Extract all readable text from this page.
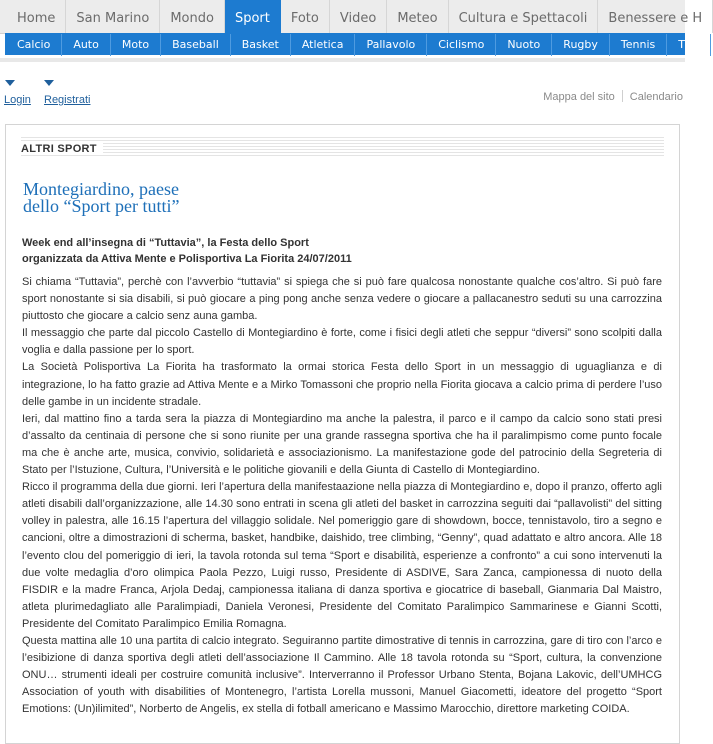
Home San Marino Mondo Sport Foto Video Meteo Cultura e Spettacoli Benessere e H
Calcio Auto Moto Baseball Basket Atletica Pallavolo Ciclismo Nuoto Rugby Tennis Tiro
Login Registrati	Mappa del sito Calendario
ALTRI SPORT
Montegiardino, paese
dello “Sport per tutti”

Week end all’insegna di “Tuttavia”, la Festa dello Sport
organizzata da Attiva Mente e Polisportiva La Fiorita 24/07/2011

Si chiama “Tuttavia”, perchè con l’avverbio “tuttavia” si spiega che si può fare qualcosa nonostante qualche cos’altro. Si può fare sport nonostante si sia disabili, si può giocare a ping pong anche senza vedere o giocare a pallacanestro seduti su una carrozzina piuttosto che giocare a calcio senz auna gamba.

Il messaggio che parte dal piccolo Castello di Montegiardino è forte, come i fisici degli atleti che seppur “diversi” sono scolpiti dalla voglia e dalla passione per lo sport.

La Società Polisportiva La Fiorita ha trasformato la ormai storica Festa dello Sport in un messaggio di uguaglianza e di integrazione, lo ha fatto grazie ad Attiva Mente e a Mirko Tomassoni che proprio nella Fiorita giocava a calcio prima di perdere l’uso delle gambe in un incidente stradale.

Ieri, dal mattino fino a tarda sera la piazza di Montegiardino ma anche la palestra, il parco e il campo da calcio sono stati presi d’assalto da centinaia di persone che si sono riunite per una grande rassegna sportiva che ha il paralimpismo come punto focale ma che è anche arte, musica, convivio, solidarietà e associazionismo. La manifestazione gode del patrocinio della Segreteria di Stato per l’Istuzione, Cultura, l’Università e le politiche giovanili e della Giunta di Castello di Montegiardino.

Ricco il programma della due giorni. Ieri l’apertura della manifestaazione nella piazza di Montegiardino e, dopo il pranzo, offerto agli atleti disabili dall’organizzazione, alle 14.30 sono entrati in scena gli atleti del basket in carrozzina seguiti dai “pallavolisti” del sitting volley in palestra, alle 16.15 l’apertura del villaggio solidale. Nel pomeriggio gare di showdown, bocce, tennistavolo, tiro a segno e cancioni, oltre a dimostrazioni di scherma, basket, handbike, daishido, tree climbing, “Genny”, quad adattato e altro ancora. Alle 18 l’evento clou del pomeriggio di ieri, la tavola rotonda sul tema “Sport e disabilità, esperienze a confronto” a cui sono intervenuti la due volte medaglia d’oro olimpica Paola Pezzo, Luigi russo, Presidente di ASDIVE, Sara Zanca, campionessa di nuoto della FISDIR e la madre Franca, Arjola Dedaj, campionessa italiana di danza sportiva e giocatrice di baseball, Gianmaria Dal Maistro, atleta plurimedagliato alle Paralimpiadi, Daniela Veronesi, Presidente del Comitato Paralimpico Sammarinese e Gianni Scotti, Presidente del Comitato Paralimpico Emilia Romagna.

Questa mattina alle 10 una partita di calcio integrato. Seguiranno partite dimostrative di tennis in carrozzina, gare di tiro con l’arco e l’esibizione di danza sportiva degli atleti dell’associazione Il Cammino. Alle 18 tavola rotonda su “Sport, cultura, la convenzione ONU… strumenti ideali per costruire comunità inclusive”. Interverranno il Professor Urbano Stenta, Bojana Lakovic, dell’UMHCG Association of youth with disabilities of Montenegro, l’artista Lorella mussoni, Manuel Giacometti, ideatore del progetto “Sport Emotions: (Un)ilimited”, Norberto de Angelis, ex stella di fotball americano e Massimo Marocchio, direttore marketing COIDA.
